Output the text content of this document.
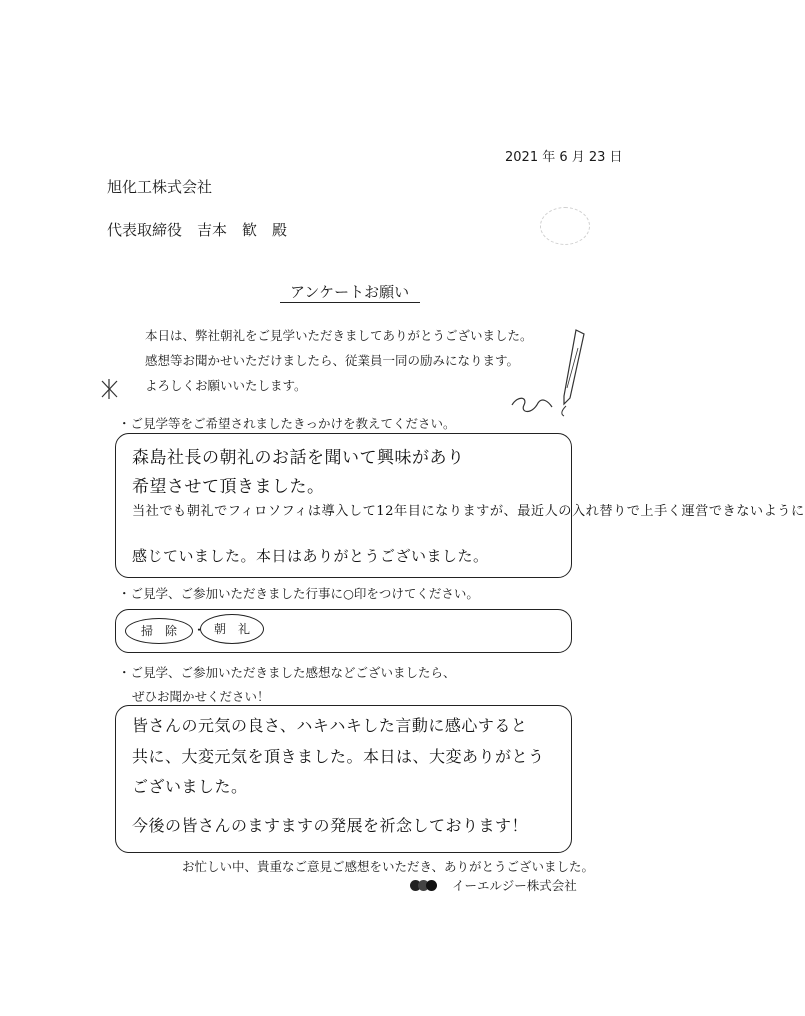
2021 年 6 月 23 日
旭化工株式会社
代表取締役　吉本　歓　殿
アンケートお願い
本日は、弊社朝礼をご見学いただきましてありがとうございました。
感想等お聞かせいただけましたら、従業員一同の励みになります。
よろしくお願いいたします。
・ご見学等をご希望されましたきっかけを教えてください。
森島社長の朝礼のお話を聞いて興味があり
希望させて頂きました。
当社でも朝礼でフィロソフィは導入して12年目になりますが、最近人の入れ替りで上手く運営できないように
感じていました。本日はありがとうございました。
・ご見学、ご参加いただきました行事に○印をつけてください。
掃　除	・ 朝　礼
・ご見学、ご参加いただきました感想などございましたら、
ぜひお聞かせください！
皆さんの元気の良さ、ハキハキした言動に感心すると
共に、大変元気を頂きました。本日は、大変ありがとう
ございました。
今後の皆さんのますますの発展を祈念しております！
お忙しい中、貴重なご意見ご感想をいただき、ありがとうございました。
イーエルジー株式会社
